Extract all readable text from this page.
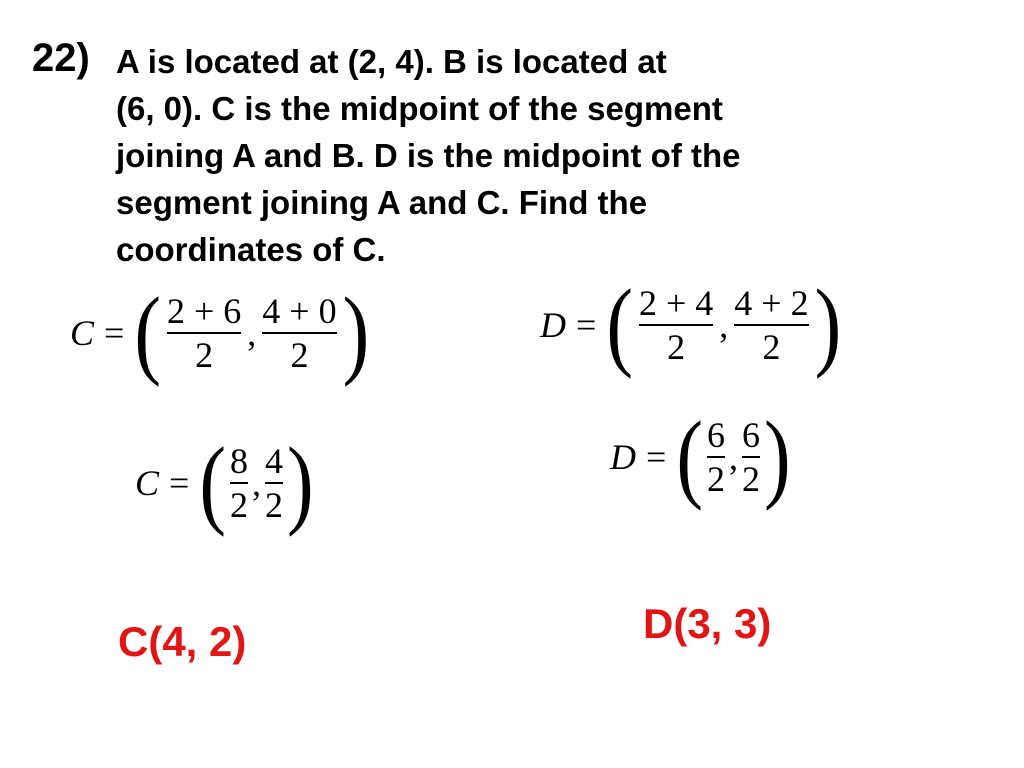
22) A is located at (2, 4). B is located at
(6, 0). C is the midpoint of the segment
joining A and B. D is the midpoint of the
segment joining A and C. Find the
coordinates of C.
C = ( $\frac{2 + 6}{2}$ , $\frac{4 + 0}{2}$ )	D = ( $\frac{2 + 4}{2}$ , $\frac{4 + 2}{2}$ )
C = ( $\frac{8}{2}$ , $\frac{4}{2}$ )	D = ( $\frac{6}{2}$ , $\frac{6}{2}$ )
C(4, 2)	D(3, 3)
